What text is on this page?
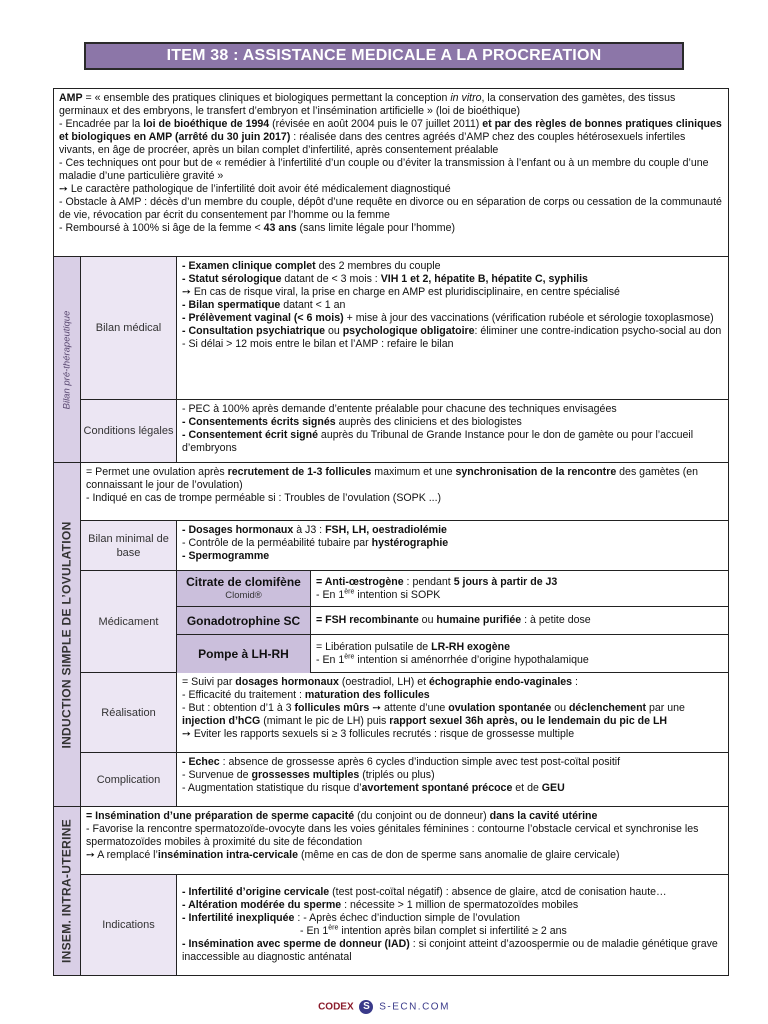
ITEM 38 : ASSISTANCE MEDICALE A LA PROCREATION
AMP = « ensemble des pratiques cliniques et biologiques permettant la conception in vitro, la conservation des gamètes, des tissus germinaux et des embryons, le transfert d’embryon et l’insémination artificielle » (loi de bioéthique)
- Encadrée par la loi de bioéthique de 1994 (révisée en août 2004 puis le 07 juillet 2011) et par des règles de bonnes pratiques cliniques et biologiques en AMP (arrêté du 30 juin 2017) : réalisée dans des centres agréés d’AMP chez des couples hétérosexuels infertiles vivants, en âge de procréer, après un bilan complet d’infertilité, après consentement préalable
- Ces techniques ont pour but de « remédier à l’infertilité d’un couple ou d’éviter la transmission à l’enfant ou à un membre du couple d’une maladie d’une particulière gravité »
➙ Le caractère pathologique de l’infertilité doit avoir été médicalement diagnostiqué
- Obstacle à AMP : décès d’un membre du couple, dépôt d’une requête en divorce ou en séparation de corps ou cessation de la communauté de vie, révocation par écrit du consentement par l’homme ou la femme
- Remboursé à 100% si âge de la femme < 43 ans (sans limite légale pour l’homme)
Bilan pré-thérapeutique	Bilan médical
- Examen clinique complet des 2 membres du couple
- Statut sérologique datant de < 3 mois : VIH 1 et 2, hépatite B, hépatite C, syphilis
➙ En cas de risque viral, la prise en charge en AMP est pluridisciplinaire, en centre spécialisé
- Bilan spermatique datant < 1 an
- Prélèvement vaginal (< 6 mois) + mise à jour des vaccinations (vérification rubéole et sérologie toxoplasmose)
- Consultation psychiatrique ou psychologique obligatoire: éliminer une contre-indication psycho-social au don
- Si délai > 12 mois entre le bilan et l’AMP : refaire le bilan
Conditions légales
- PEC à 100% après demande d’entente préalable pour chacune des techniques envisagées
- Consentements écrits signés auprès des cliniciens et des biologistes
- Consentement écrit signé auprès du Tribunal de Grande Instance pour le don de gamète ou pour l’accueil d’embryons
INDUCTION SIMPLE DE L’OVULATION
= Permet une ovulation après recrutement de 1-3 follicules maximum et une synchronisation de la rencontre des gamètes (en connaissant le jour de l’ovulation)
- Indiqué en cas de trompe perméable si : Troubles de l’ovulation (SOPK ...)
Bilan minimal de base
- Dosages hormonaux à J3 : FSH, LH, oestradiolémie
- Contrôle de la perméabilité tubaire par hystérographie
- Spermogramme
Médicament
Citrate de clomifène
Clomid®
= Anti-œstrogène : pendant 5 jours à partir de J3
- En 1ère intention si SOPK
Gonadotrophine SC = FSH recombinante ou humaine purifiée : à petite dose
Pompe à LH-RH	= Libération pulsatile de LR-RH exogène
- En 1ère intention si aménorrhée d’origine hypothalamique
Réalisation
= Suivi par dosages hormonaux (oestradiol, LH) et échographie endo-vaginales :
- Efficacité du traitement : maturation des follicules
- But : obtention d’1 à 3 follicules mûrs ➙ attente d’une ovulation spontanée ou déclenchement par une injection d’hCG (mimant le pic de LH) puis rapport sexuel 36h après, ou le lendemain du pic de LH
➙ Eviter les rapports sexuels si ≥ 3 follicules recrutés : risque de grossesse multiple
Complication
- Echec : absence de grossesse après 6 cycles d’induction simple avec test post-coïtal positif
- Survenue de grossesses multiples (triplés ou plus)
- Augmentation statistique du risque d’avortement spontané précoce et de GEU
INSEM. INTRA-UTERINE
= Insémination d’une préparation de sperme capacité (du conjoint ou de donneur) dans la cavité utérine
- Favorise la rencontre spermatozoïde-ovocyte dans les voies génitales féminines : contourne l’obstacle cervical et synchronise les spermatozoïdes mobiles à proximité du site de fécondation
➙ A remplacé l’insémination intra-cervicale (même en cas de don de sperme sans anomalie de glaire cervicale)
Indications
- Infertilité d’origine cervicale (test post-coïtal négatif) : absence de glaire, atcd de conisation haute…
- Altération modérée du sperme : nécessite > 1 million de spermatozoïdes mobiles
- Infertilité inexpliquée : - Après échec d’induction simple de l’ovulation
- En 1ère intention après bilan complet si infertilité ≥ 2 ans
- Insémination avec sperme de donneur (IAD) : si conjoint atteint d’azoospermie ou de maladie génétique grave inaccessible au diagnostic anténatal
CODEX S S-ECN.COM
